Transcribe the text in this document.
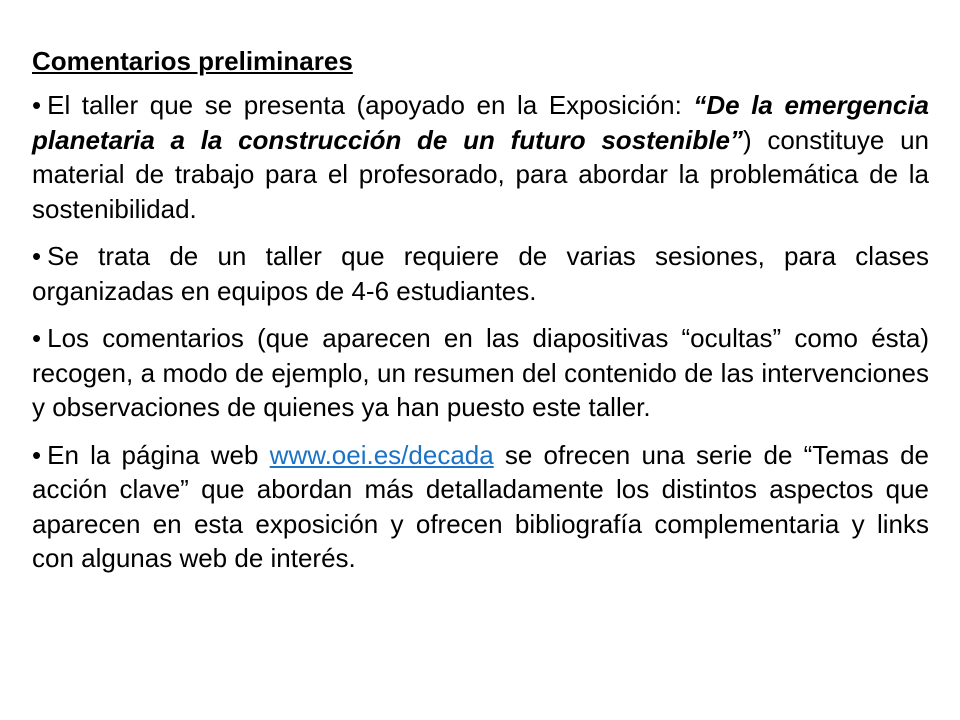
Comentarios preliminares

• El taller que se presenta (apoyado en la Exposición: “De la emergencia planetaria a la construcción de un futuro sostenible”) constituye un material de trabajo para el profesorado, para abordar la problemática de la sostenibilidad.

• Se trata de un taller que requiere de varias sesiones, para clases organizadas en equipos de 4-6 estudiantes.

• Los comentarios (que aparecen en las diapositivas “ocultas” como ésta) recogen, a modo de ejemplo, un resumen del contenido de las intervenciones y observaciones de quienes ya han puesto este taller.

• En la página web www.oei.es/decada se ofrecen una serie de “Temas de acción clave” que abordan más detalladamente los distintos aspectos que aparecen en esta exposición y ofrecen bibliografía complementaria y links con algunas web de interés.
